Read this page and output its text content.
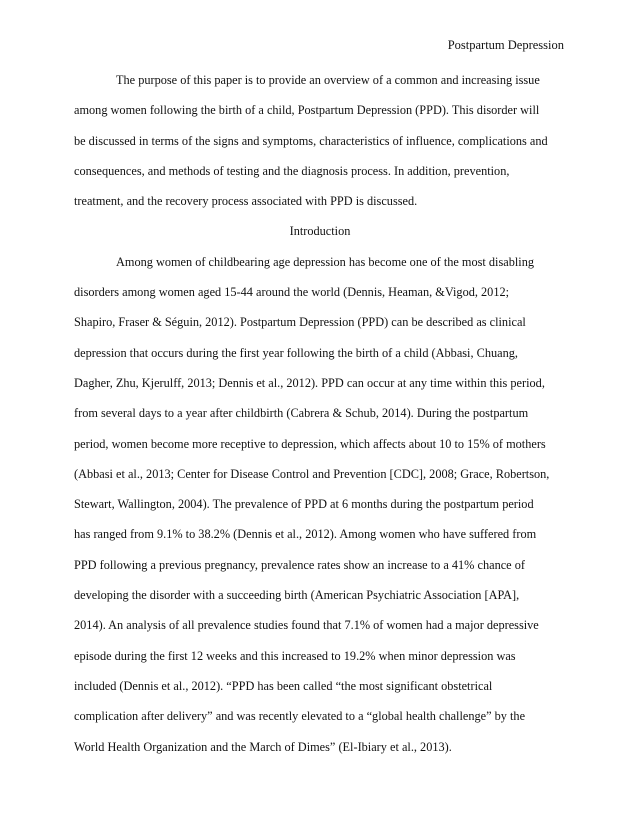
Postpartum Depression

The purpose of this paper is to provide an overview of a common and increasing issue
among women following the birth of a child, Postpartum Depression (PPD). This disorder will
be discussed in terms of the signs and symptoms, characteristics of influence, complications and
consequences, and methods of testing and the diagnosis process. In addition, prevention,
treatment, and the recovery process associated with PPD is discussed.

Introduction

Among women of childbearing age depression has become one of the most disabling
disorders among women aged 15-44 around the world (Dennis, Heaman, &Vigod, 2012;
Shapiro, Fraser & Séguin, 2012). Postpartum Depression (PPD) can be described as clinical
depression that occurs during the first year following the birth of a child (Abbasi, Chuang,
Dagher, Zhu, Kjerulff, 2013; Dennis et al., 2012). PPD can occur at any time within this period,
from several days to a year after childbirth (Cabrera & Schub, 2014). During the postpartum
period, women become more receptive to depression, which affects about 10 to 15% of mothers
(Abbasi et al., 2013; Center for Disease Control and Prevention [CDC], 2008; Grace, Robertson,
Stewart, Wallington, 2004). The prevalence of PPD at 6 months during the postpartum period
has ranged from 9.1% to 38.2% (Dennis et al., 2012). Among women who have suffered from
PPD following a previous pregnancy, prevalence rates show an increase to a 41% chance of
developing the disorder with a succeeding birth (American Psychiatric Association [APA],
2014). An analysis of all prevalence studies found that 7.1% of women had a major depressive
episode during the first 12 weeks and this increased to 19.2% when minor depression was
included (Dennis et al., 2012). “PPD has been called “the most significant obstetrical
complication after delivery” and was recently elevated to a “global health challenge” by the
World Health Organization and the March of Dimes” (El-Ibiary et al., 2013).
